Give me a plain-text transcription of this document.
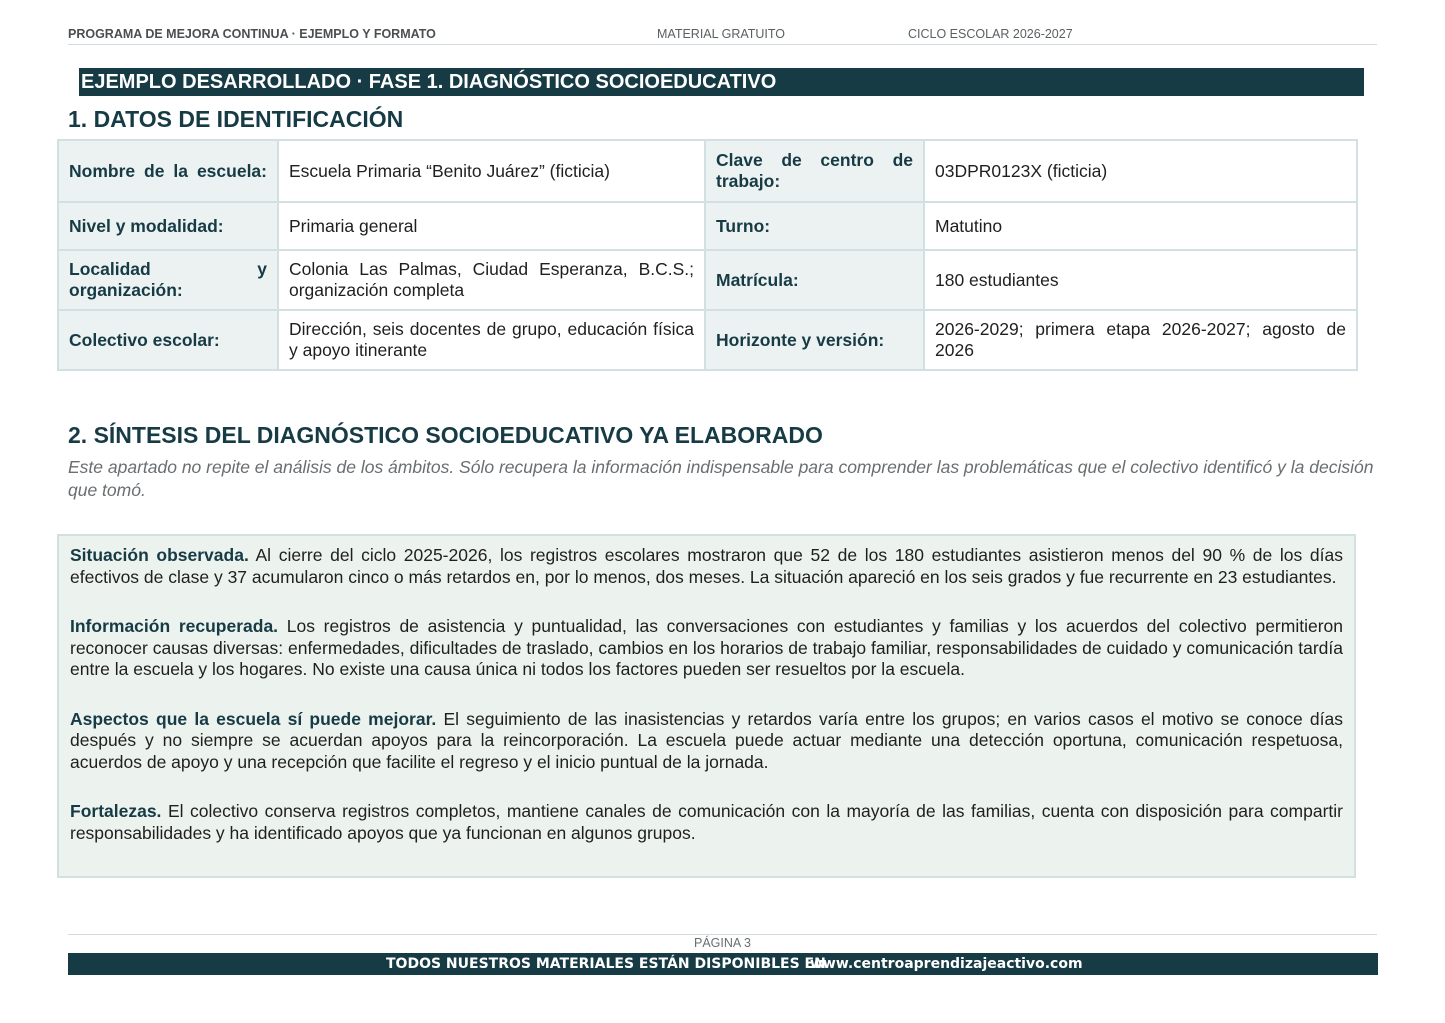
PROGRAMA DE MEJORA CONTINUA · EJEMPLO Y FORMATO	MATERIAL GRATUITO	CICLO ESCOLAR 2026-2027
EJEMPLO DESARROLLADO · FASE 1. DIAGNÓSTICO SOCIOEDUCATIVO
1. DATOS DE IDENTIFICACIÓN
Nombre de la escuela:	Escuela Primaria “Benito Juárez” (ficticia)	Clave de centro de trabajo:	03DPR0123X (ficticia)
Nivel y modalidad:	Primaria general	Turno:	Matutino
Localidad y organización:	Colonia Las Palmas, Ciudad Esperanza, B.C.S.; organización completa	Matrícula:	180 estudiantes
Colectivo escolar:	Dirección, seis docentes de grupo, educación física y apoyo itinerante	Horizonte y versión:	2026-2029; primera etapa 2026-2027; agosto de 2026
2. SÍNTESIS DEL DIAGNÓSTICO SOCIOEDUCATIVO YA ELABORADO
Este apartado no repite el análisis de los ámbitos. Sólo recupera la información indispensable para comprender las problemáticas que el colectivo identificó y la decisión que tomó.

Situación observada. Al cierre del ciclo 2025-2026, los registros escolares mostraron que 52 de los 180 estudiantes asistieron menos del 90 % de los días efectivos de clase y 37 acumularon cinco o más retardos en, por lo menos, dos meses. La situación apareció en los seis grados y fue recurrente en 23 estudiantes.

Información recuperada. Los registros de asistencia y puntualidad, las conversaciones con estudiantes y familias y los acuerdos del colectivo permitieron reconocer causas diversas: enfermedades, dificultades de traslado, cambios en los horarios de trabajo familiar, responsabilidades de cuidado y comunicación tardía entre la escuela y los hogares. No existe una causa única ni todos los factores pueden ser resueltos por la escuela.

Aspectos que la escuela sí puede mejorar. El seguimiento de las inasistencias y retardos varía entre los grupos; en varios casos el motivo se conoce días después y no siempre se acuerdan apoyos para la reincorporación. La escuela puede actuar mediante una detección oportuna, comunicación respetuosa, acuerdos de apoyo y una recepción que facilite el regreso y el inicio puntual de la jornada.

Fortalezas. El colectivo conserva registros completos, mantiene canales de comunicación con la mayoría de las familias, cuenta con disposición para compartir responsabilidades y ha identificado apoyos que ya funcionan en algunos grupos.

PÁGINA 3
TODOS NUESTROS MATERIALES ESTÁN DISPONIBLES EN
www.centroaprendizajeactivo.com
